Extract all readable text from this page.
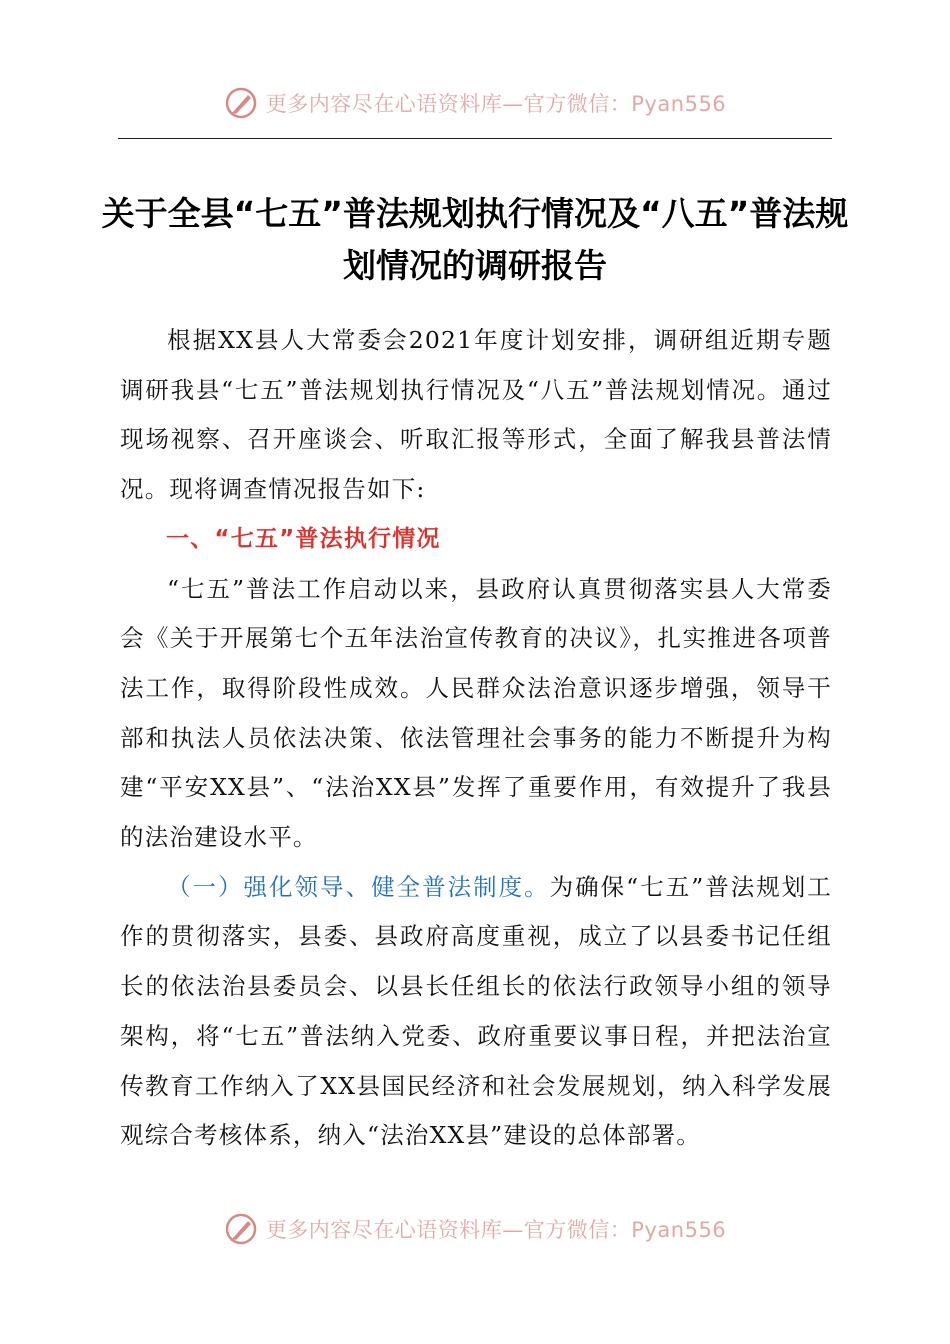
更多内容尽在心语资料库—官方微信：Pyan556
关于全县“七五”普法规划执行情况及“八五”普法规划情况的调研报告

根据XX县人大常委会2021年度计划安排，调研组近期专题调研我县“七五”普法规划执行情况及“八五”普法规划情况。通过现场视察、召开座谈会、听取汇报等形式，全面了解我县普法情况。现将调查情况报告如下:

一、“七五”普法执行情况

“七五”普法工作启动以来，县政府认真贯彻落实县人大常委会《关于开展第七个五年法治宣传教育的决议》，扎实推进各项普法工作，取得阶段性成效。人民群众法治意识逐步增强，领导干部和执法人员依法决策、依法管理社会事务的能力不断提升为构建“平安XX县”、“法治XX县”发挥了重要作用，有效提升了我县的法治建设水平。

（一）强化领导、健全普法制度。为确保“七五”普法规划工作的贯彻落实，县委、县政府高度重视，成立了以县委书记任组长的依法治县委员会、以县长任组长的依法行政领导小组的领导架构，将“七五”普法纳入党委、政府重要议事日程，并把法治宣传教育工作纳入了XX县国民经济和社会发展规划，纳入科学发展观综合考核体系，纳入“法治XX县”建设的总体部署。

更多内容尽在心语资料库—官方微信：Pyan556
